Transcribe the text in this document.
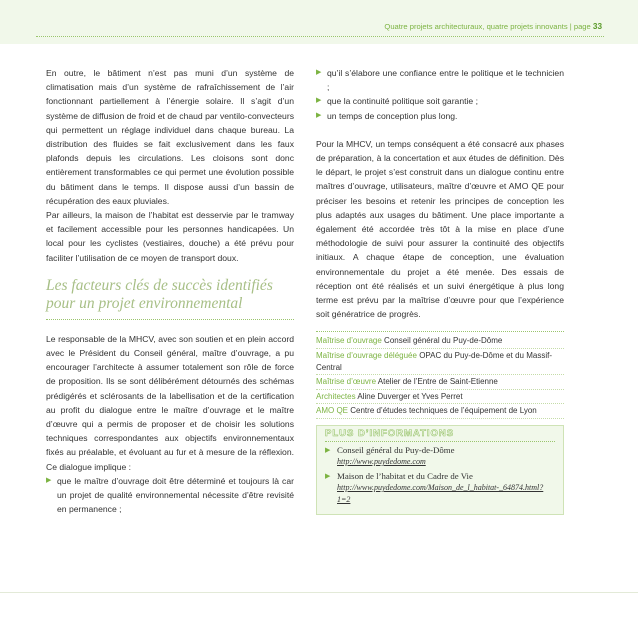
Quatre projets architecturaux, quatre projets innovants | page 33

En outre, le bâtiment n’est pas muni d’un système de climatisation mais d’un système de rafraîchissement de l’air fonctionnant partiellement à l’énergie solaire. Il s’agit d’un système de diffusion de froid et de chaud par ventilo-convecteurs qui permettent un réglage individuel dans chaque bureau. La distribution des fluides se fait exclusivement dans les faux plafonds depuis les circulations. Les cloisons sont donc entièrement transformables ce qui permet une évolution possible du bâtiment dans le temps. Il dispose aussi d’un bassin de récupération des eaux pluviales.

Par ailleurs, la maison de l’habitat est desservie par le tramway et facilement accessible pour les personnes handicapées. Un local pour les cyclistes (vestiaires, douche) a été prévu pour faciliter l’utilisation de ce moyen de transport doux.

Les facteurs clés de succès identifiés
pour un projet environnemental

Le responsable de la MHCV, avec son soutien et en plein accord avec le Président du Conseil général, maître d’ouvrage, a pu encourager l’architecte à assumer totalement son rôle de force de proposition. Ils se sont délibérément détournés des schémas prédigérés et sclérosants de la labellisation et de la certification au profit du dialogue entre le maître d’ouvrage et le maître d’œuvre qui a permis de proposer et de choisir les solutions techniques correspondantes aux objectifs environnementaux fixés au préalable, et évoluant au fur et à mesure de la réflexion. Ce dialogue implique :

▶ que le maître d’ouvrage doit être déterminé et toujours là car un projet de qualité environnemental nécessite d’être revisité en permanence ;
▶ qu’il s’élabore une confiance entre le politique et le technicien ;
▶ que la continuité politique soit garantie ;
▶ un temps de conception plus long.

Pour la MHCV, un temps conséquent a été consacré aux phases de préparation, à la concertation et aux études de définition. Dès le départ, le projet s’est construit dans un dialogue continu entre maîtres d’ouvrage, utilisateurs, maître d’œuvre et AMO QE pour préciser les besoins et retenir les principes de conception les plus adaptés aux usages du bâtiment. Une place importante a également été accordée très tôt à la mise en place d’une méthodologie de suivi pour assurer la continuité des objectifs initiaux. A chaque étape de conception, une évaluation environnementale du projet a été menée. Des essais de réception ont été réalisés et un suivi énergétique à plus long terme est prévu par la maîtrise d’œuvre pour que l’expérience soit génératrice de progrès.

Maîtrise d’ouvrage Conseil général du Puy-de-Dôme
Maîtrise d’ouvrage déléguée OPAC du Puy-de-Dôme et du Massif-Central
Maîtrise d’œuvre Atelier de l’Entre de Saint-Etienne
Architectes Aline Duverger et Yves Perret
AMO QE Centre d’études techniques de l’équipement de Lyon
PLUS D’INFORMATIONS
▶ Conseil général du Puy-de-Dôme
http://www.puydedome.com
▶ Maison de l’habitat et du Cadre de Vie
http://www.puydedome.com/Maison_de_l_habitat-_64874.html?1=2
